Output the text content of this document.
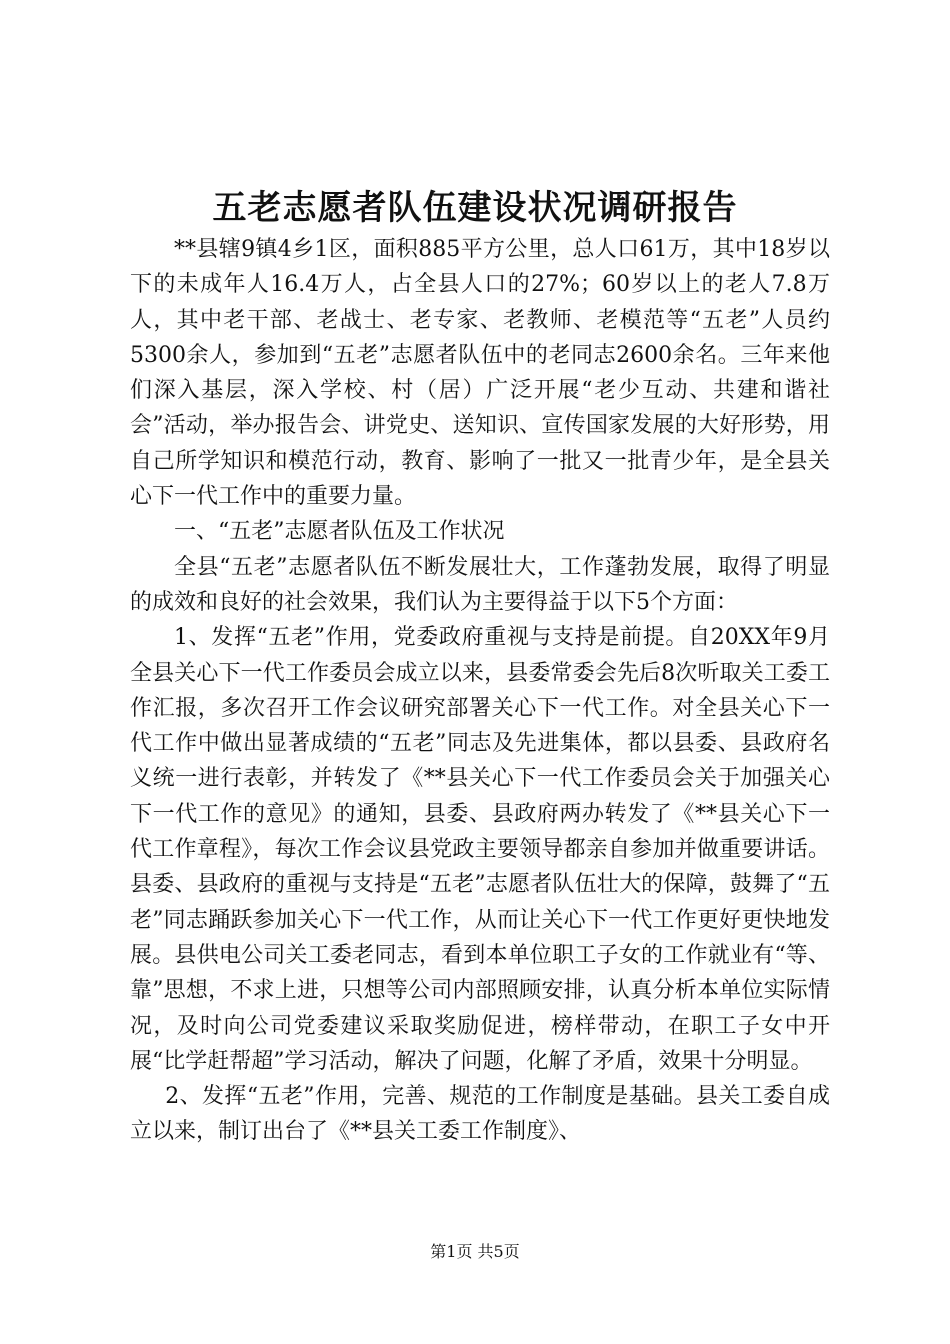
五老志愿者队伍建设状况调研报告

**县辖9镇4乡1区，面积885平方公里，总人口61万，其中18岁以下的未成年人16.4万人，占全县人口的27%；60岁以上的老人7.8万人，其中老干部、老战士、老专家、老教师、老模范等“五老”人员约5300余人，参加到“五老”志愿者队伍中的老同志2600余名。三年来他们深入基层，深入学校、村（居）广泛开展“老少互动、共建和谐社会”活动，举办报告会、讲党史、送知识、宣传国家发展的大好形势，用自己所学知识和模范行动，教育、影响了一批又一批青少年，是全县关心下一代工作中的重要力量。

一、“五老”志愿者队伍及工作状况

全县“五老”志愿者队伍不断发展壮大，工作蓬勃发展，取得了明显的成效和良好的社会效果，我们认为主要得益于以下5个方面：

1、发挥“五老”作用，党委政府重视与支持是前提。自20XX年9月全县关心下一代工作委员会成立以来，县委常委会先后8次听取关工委工作汇报，多次召开工作会议研究部署关心下一代工作。对全县关心下一代工作中做出显著成绩的“五老”同志及先进集体，都以县委、县政府名义统一进行表彰，并转发了《**县关心下一代工作委员会关于加强关心下一代工作的意见》的通知，县委、县政府两办转发了《**县关心下一代工作章程》，每次工作会议县党政主要领导都亲自参加并做重要讲话。县委、县政府的重视与支持是“五老”志愿者队伍壮大的保障，鼓舞了“五老”同志踊跃参加关心下一代工作，从而让关心下一代工作更好更快地发展。县供电公司关工委老同志，看到本单位职工子女的工作就业有“等、靠”思想，不求上进，只想等公司内部照顾安排，认真分析本单位实际情况，及时向公司党委建议采取奖励促进，榜样带动，在职工子女中开展“比学赶帮超”学习活动，解决了问题，化解了矛盾，效果十分明显。

2、发挥“五老”作用，完善、规范的工作制度是基础。县关工委自成立以来，制订出台了《**县关工委工作制度》、

第1页 共5页
